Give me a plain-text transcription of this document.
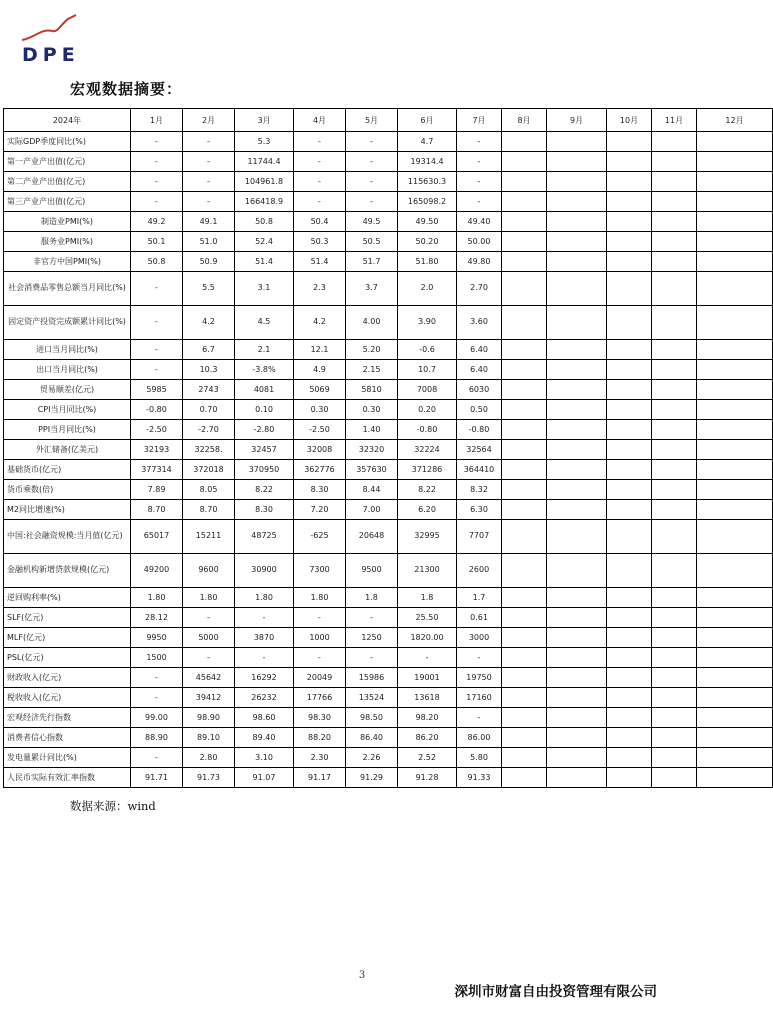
DPE
宏观数据摘要：
2024年	1月	2月	3月	4月	5月	6月	7月	8月	9月	10月	11月	12月
实际GDP季度同比(%)	-	-	5.3	-	-	4.7	-					
第一产业产出值(亿元)	-	-	11744.4	-	-	19314.4	-					
第二产业产出值(亿元)	-	-	104961.8	-	-	115630.3	-					
第三产业产出值(亿元)	-	-	166418.9	-	-	165098.2	-					
制造业PMI(%)	49.2	49.1	50.8	50.4	49.5	49.50	49.40					
服务业PMI(%)	50.1	51.0	52.4	50.3	50.5	50.20	50.00					
非官方中国PMI(%)	50.8	50.9	51.4	51.4	51.7	51.80	49.80					
社会消费品零售总额当月同比(%)	-	5.5	3.1	2.3	3.7	2.0	2.70					
固定资产投资完成额累计同比(%)	-	4.2	4.5	4.2	4.00	3.90	3.60					
进口当月同比(%)	-	6.7	2.1	12.1	5.20	-0.6	6.40					
出口当月同比(%)	-	10.3	-3.8%	4.9	2.15	10.7	6.40					
贸易顺差(亿元)	5985	2743	4081	5069	5810	7008	6030					
CPI当月同比(%)	-0.80	0.70	0.10	0.30	0.30	0.20	0.50					
PPI当月同比(%)	-2.50	-2.70	-2.80	-2.50	1.40	-0.80	-0.80					
外汇储备(亿美元)	32193	32258.	32457	32008	32320	32224	32564					
基础货币(亿元)	377314	372018	370950	362776	357630	371286	364410					
货币乘数(倍)	7.89	8.05	8.22	8.30	8.44	8.22	8.32					
M2同比增速(%)	8.70	8.70	8.30	7.20	7.00	6.20	6.30					
中国:社会融资规模:当月值(亿元)	65017	15211	48725	-625	20648	32995	7707					
金融机构新增贷款规模(亿元)	49200	9600	30900	7300	9500	21300	2600					
逆回购利率(%)	1.80	1.80	1.80	1.80	1.8	1.8	1.7					
SLF(亿元)	28.12	-	-	-	-	25.50	0.61					
MLF(亿元)	9950	5000	3870	1000	1250	1820.00	3000					
PSL(亿元)	1500	-	-	-	-	-	-					
财政收入(亿元)	-	45642	16292	20049	15986	19001	19750					
税收收入(亿元)	-	39412	26232	17766	13524	13618	17160					
宏观经济先行指数	99.00	98.90	98.60	98.30	98.50	98.20	-					
消费者信心指数	88.90	89.10	89.40	88.20	86.40	86.20	86.00					
发电量累计同比(%)	-	2.80	3.10	2.30	2.26	2.52	5.80					
人民币实际有效汇率指数	91.71	91.73	91.07	91.17	91.29	91.28	91.33					
数据来源：wind
3
深圳市财富自由投资管理有限公司
